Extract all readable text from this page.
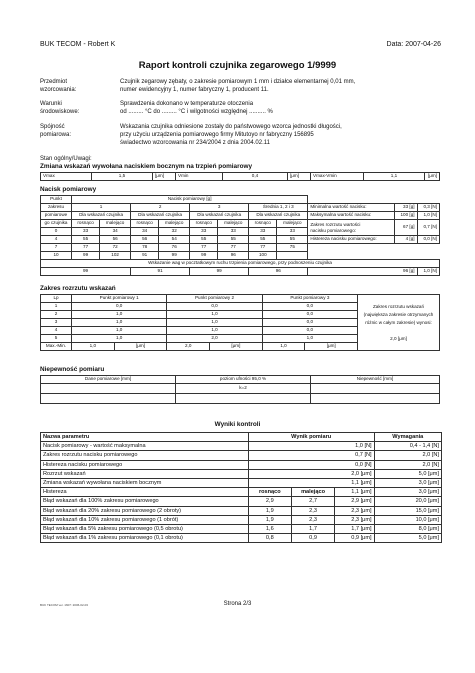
BUK TECOM - Robert K	Data: 2007-04-26
Raport kontroli czujnika zegarowego 1/9999
Przedmiot
wzorcowania:
Czujnik zegarowy zębaty, o zakresie pomiarowym 1 mm i działce elementarnej 0,01 mm,
numer ewidencyjny 1, numer fabryczny 1, producent 11.
Warunki
środowiskowe:
Sprawdzenia dokonano w temperaturze otoczenia
od ......... °C do ......... °C i wilgotności względnej .......... %
Spójność
pomiarowa:
Wskazania czujnika odniesione zostały do państwowego wzorca jednostki długości,
przy użyciu urządzenia pomiarowego firmy Mitutoyo nr fabryczny 156895
świadectwo wzorcowania nr 234/2004 z dnia 2004.02.11
Stan ogólny/Uwagi:
Zmiana wskazań wywołana naciskiem bocznym na trzpień pomiarowy
Vmax	1,5	[μm]	Vmin	0,4	[μm]	Vmax-Vmin	1,1	[μm]
Nacisk pomiarowy
Punkt	Nacisk pomiarowy [g]										
zakresu	1		2		3		Średnia 1, 2 i 3		Minimalna wartość nacisku:	33 [g]	0,3 [N]
pomiarowe	Dla wskazań czujnika		Dla wskazań czujnika		Dla wskazań czujnika		Dla wskazań czujnika		Maksymalna wartość nacisku:	100 [g]	1,0 [N]
go czujnika	rosnąco	malejąco	rosnąco	malejąco	rosnąco	malejąco	rosnąco	malejąco	Zakres rozrzutu wartości
nacisku pomiarowego:	67 [g]	0,7 [N]
0	33	34	34	32	33	33	33	33			
4	55	56	56	54	55	55	55	55	Histereza nacisku pomiarowego:	4 [g]	0,0 [N]
7	77	72	78	76	77	77	77	75			
10	99	102	91	99	99	96	100				
Wskazanie wag w pocztatkowym ruchu trzpienia pomiarowego, przy podnoszeniu czujnika											
99			91		99		96		96 [g]		1,0 [N]
Zakres rozrzutu wskazań
Lp	Punkt pomiarowy 1		Punkt pomiarowy 2		Punkt pomiarowy 3		Zakres rozrzutu wskazań
(największa zakresie otrzymanych
różnic w całym zakresie) wynosi:
2,0 [μm]

1	0,0		0,0		0,0		
2	1,0		1,0		0,0		
3	1,0		1,0		0,0		
4	1,0		1,0		0,0		
5	1,0		2,0		1,0		
Max.-Min.	1,0	[μm]	2,0	[μm]	1,0	[μm]	
Niepewność pomiaru
Dane pomiarowe [mm]	poziom ufności 95,0 %	Niepewność [mm]
	k=2	

Wyniki kontroli
Nazwa parametru	Wynik pomiaru			Wymagania
Nacisk pomiarowy - wartość maksymalna	1,0 [N]			0,4 - 1,4 [N]
Zakres rozrzutu nacisku pomiarowego	0,7 [N]			2,0 [N]
Histereza nacisku pomiarowego	0,0 [N]			2,0 [N]
Rozrzut wskazań	2,0 [μm]			5,0 [μm]
Zmiana wskazań wywołana naciskiem bocznym	1,1 [μm]			3,0 [μm]
Histereza	rosnąco	malejąco	1,1 [μm]	3,0 [μm]
Błąd wskazań dla 100% zakresu pomiarowego	2,9	2,7	2,9 [μm]	20,0 [μm]
Błąd wskazań dla 20% zakresu pomiarowego (2 obroty)	1,9	2,3	2,3 [μm]	15,0 [μm]
Błąd wskazań dla 10% zakresu pomiarowego (1 obrót)	1,9	2,3	2,3 [μm]	10,0 [μm]
Błąd wskazań dla 5% zakresu pomiarowego (0,5 obrotu)	1,6	1,7	1,7 [μm]	8,0 [μm]
Błąd wskazań dla 1% zakresu pomiarowego (0,1 obrotu)	0,8	0,9	0,9 [μm]	5,0 [μm]
BUK TECOM ver. 1607: 2006-02-03	Strona 2/3
